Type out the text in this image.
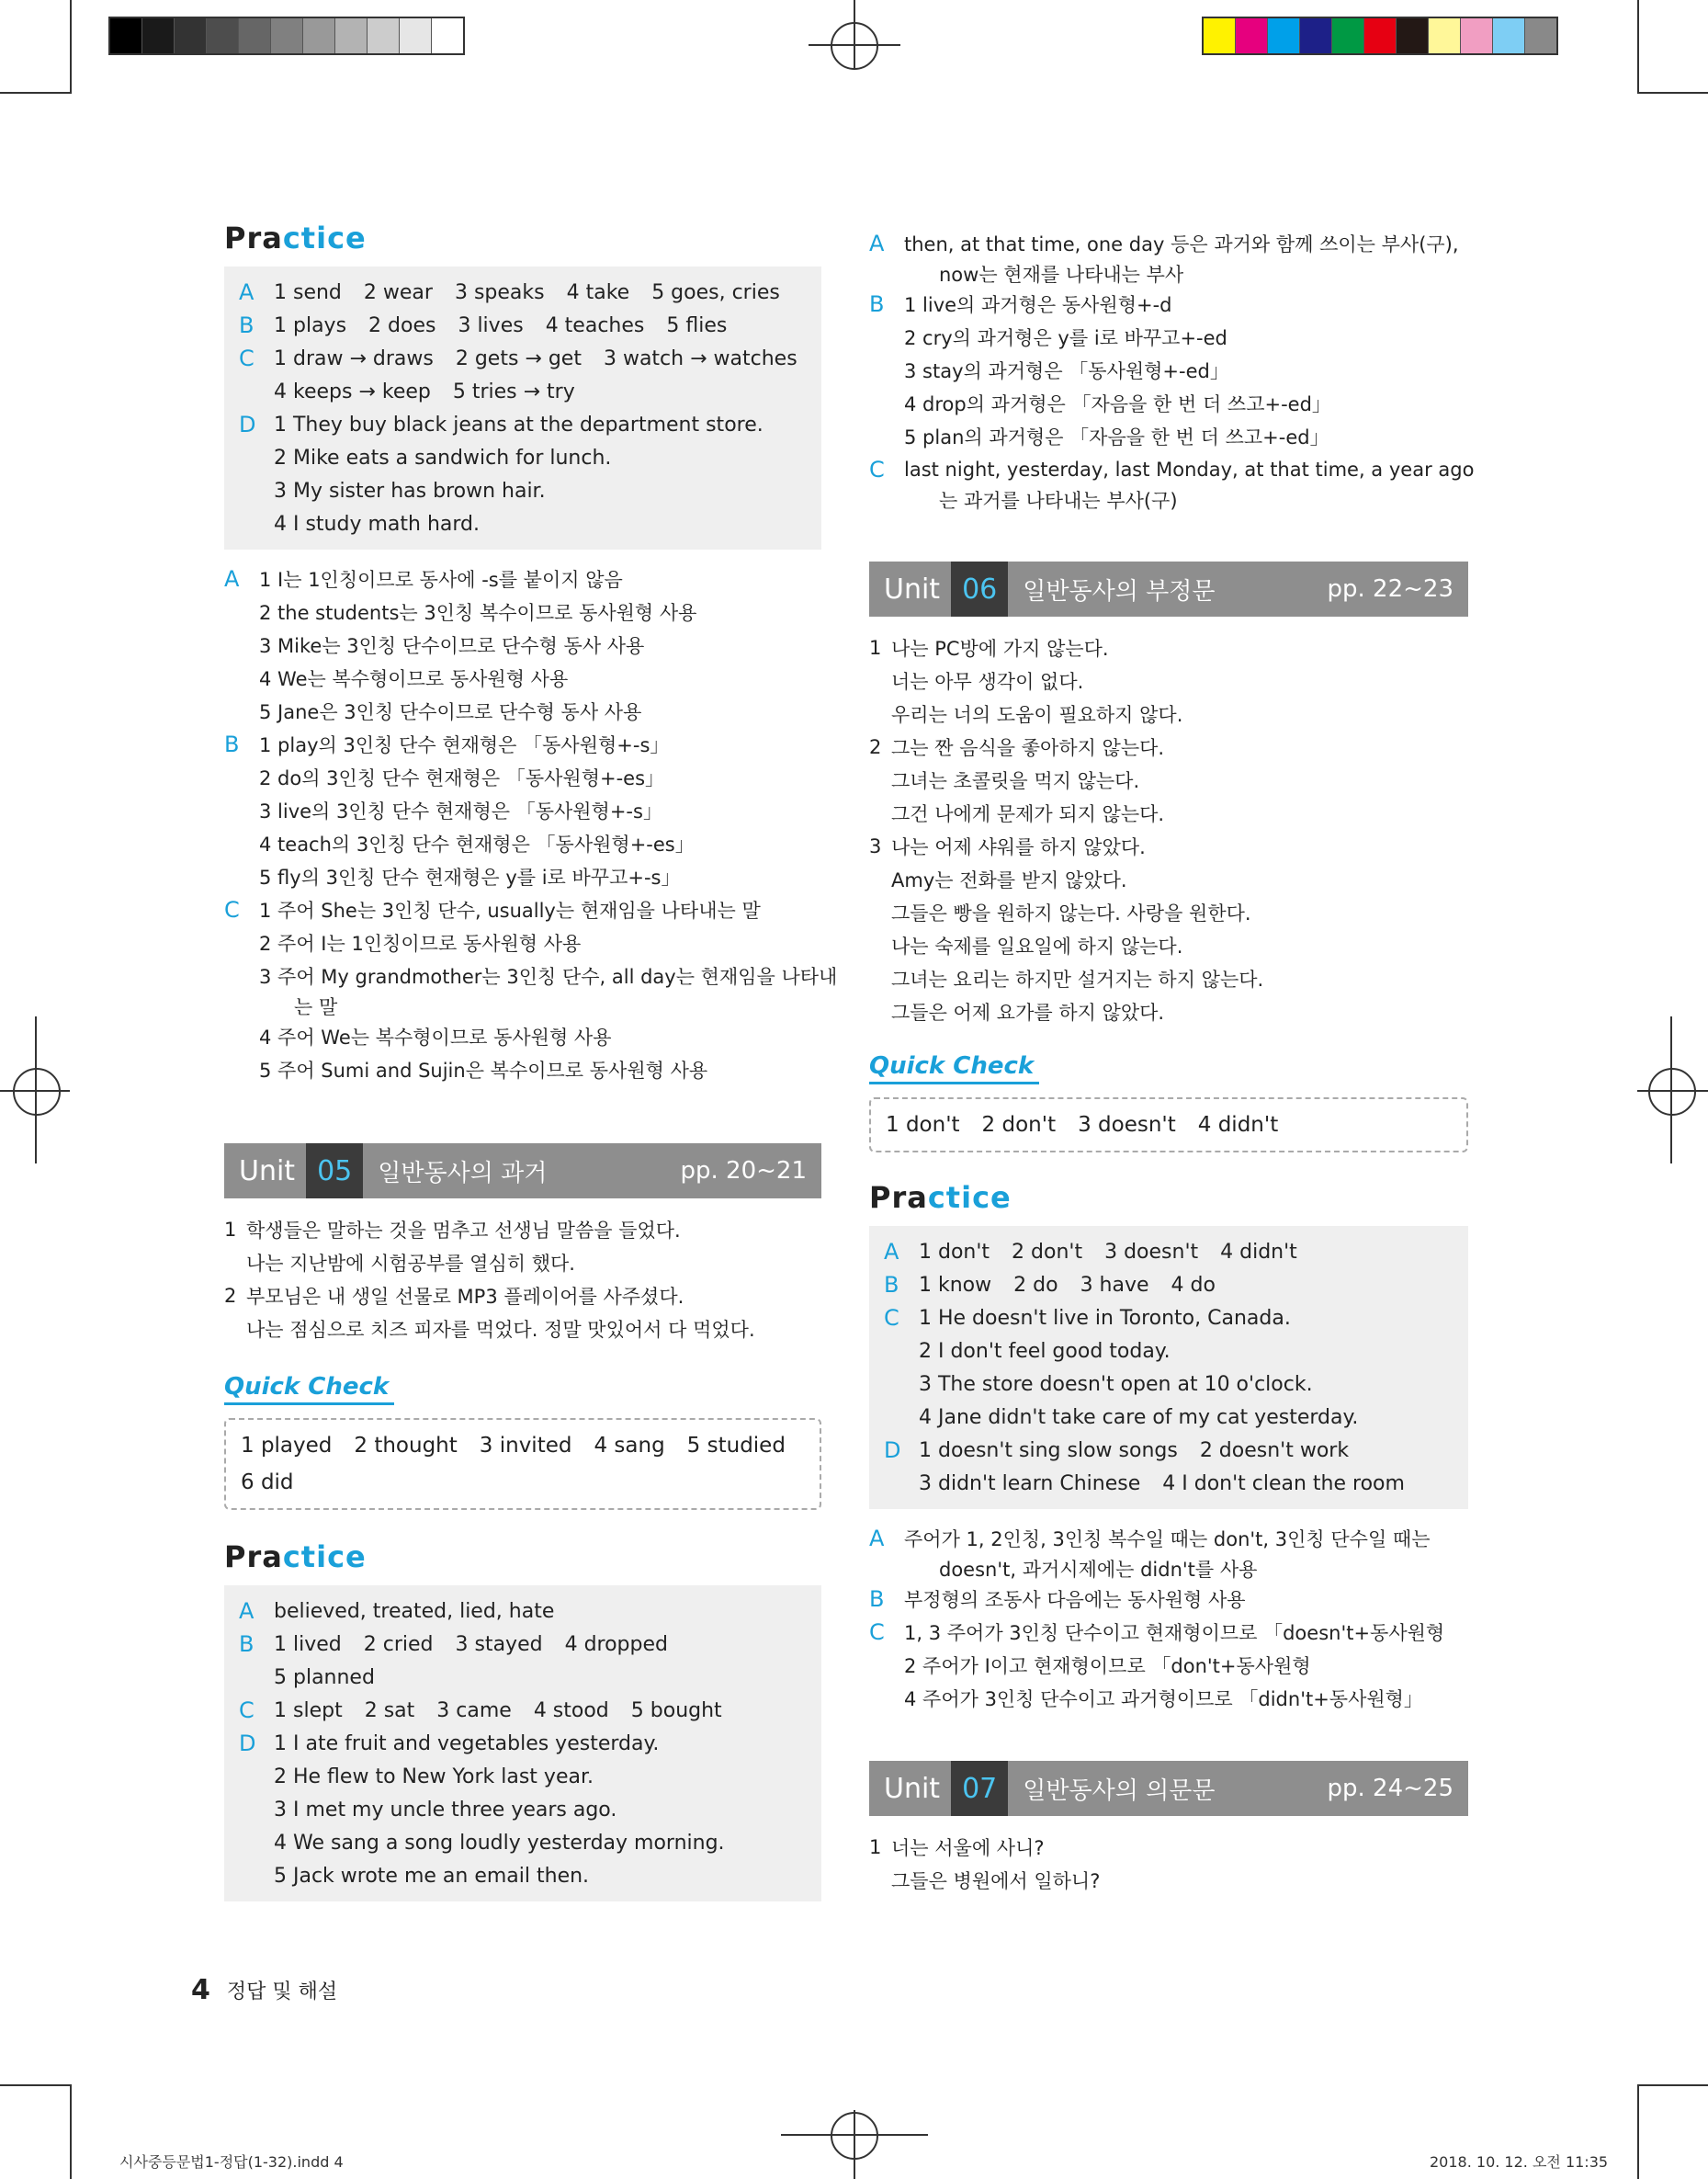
Practice
A 1 send 2 wear 3 speaks 4 take 5 goes, cries
B 1 plays 2 does 3 lives 4 teaches 5 flies
C 1 draw → draws 2 gets → get 3 watch → watches
4 keeps → keep 5 tries → try
D 1 They buy black jeans at the department store.
2 Mike eats a sandwich for lunch.
3 My sister has brown hair.
4 I study math hard.
A	1 I는 1인칭이므로 동사에 -s를 붙이지 않음
2 the students는 3인칭 복수이므로 동사원형 사용
3 Mike는 3인칭 단수이므로 단수형 동사 사용
4 We는 복수형이므로 동사원형 사용
5 Jane은 3인칭 단수이므로 단수형 동사 사용
B	1 play의 3인칭 단수 현재형은 「동사원형+-s」
2 do의 3인칭 단수 현재형은 「동사원형+-es」
3 live의 3인칭 단수 현재형은 「동사원형+-s」
4 teach의 3인칭 단수 현재형은 「동사원형+-es」
5 fly의 3인칭 단수 현재형은 y를 i로 바꾸고+-s」
C	1 주어 She는 3인칭 단수, usually는 현재임을 나타내는 말
2 주어 I는 1인칭이므로 동사원형 사용
3 주어 My grandmother는 3인칭 단수, all day는 현재임을 나타내
는 말
4 주어 We는 복수형이므로 동사원형 사용
5 주어 Sumi and Sujin은 복수이므로 동사원형 사용
Unit 05	일반동사의 과거	pp. 20~21
1 학생들은 말하는 것을 멈추고 선생님 말씀을 들었다.
나는 지난밤에 시험공부를 열심히 했다.
2 부모님은 내 생일 선물로 MP3 플레이어를 사주셨다.
나는 점심으로 치즈 피자를 먹었다. 정말 맛있어서 다 먹었다.
Quick Check
1 played 2 thought 3 invited 4 sang 5 studied
6 did
Practice
A believed, treated, lied, hate
B 1 lived 2 cried 3 stayed 4 dropped
5 planned
C 1 slept 2 sat 3 came 4 stood 5 bought
D 1 I ate fruit and vegetables yesterday.
2 He flew to New York last year.
3 I met my uncle three years ago.
4 We sang a song loudly yesterday morning.
5 Jack wrote me an email then.
4 정답 및 해설
A	then, at that time, one day 등은 과거와 함께 쓰이는 부사(구),
now는 현재를 나타내는 부사
B	1 live의 과거형은 동사원형+-d
2 cry의 과거형은 y를 i로 바꾸고+-ed
3 stay의 과거형은 「동사원형+-ed」
4 drop의 과거형은 「자음을 한 번 더 쓰고+-ed」
5 plan의 과거형은 「자음을 한 번 더 쓰고+-ed」
C	last night, yesterday, last Monday, at that time, a year ago
는 과거를 나타내는 부사(구)
Unit 06	일반동사의 부정문	pp. 22~23
1 나는 PC방에 가지 않는다.
너는 아무 생각이 없다.
우리는 너의 도움이 필요하지 않다.
2 그는 짠 음식을 좋아하지 않는다.
그녀는 초콜릿을 먹지 않는다.
그건 나에게 문제가 되지 않는다.
3 나는 어제 샤워를 하지 않았다.
Amy는 전화를 받지 않았다.
그들은 빵을 원하지 않는다. 사랑을 원한다.
나는 숙제를 일요일에 하지 않는다.
그녀는 요리는 하지만 설거지는 하지 않는다.
그들은 어제 요가를 하지 않았다.
Quick Check
1 don't 2 don't 3 doesn't 4 didn't
Practice
A 1 don't 2 don't 3 doesn't 4 didn't
B 1 know 2 do 3 have 4 do
C 1 He doesn't live in Toronto, Canada.
2 I don't feel good today.
3 The store doesn't open at 10 o'clock.
4 Jane didn't take care of my cat yesterday.
D 1 doesn't sing slow songs 2 doesn't work
3 didn't learn Chinese 4 I don't clean the room
A	주어가 1, 2인칭, 3인칭 복수일 때는 don't, 3인칭 단수일 때는
doesn't, 과거시제에는 didn't를 사용
B	부정형의 조동사 다음에는 동사원형 사용
C	1, 3 주어가 3인칭 단수이고 현재형이므로 「doesn't+동사원형
2 주어가 I이고 현재형이므로 「don't+동사원형
4 주어가 3인칭 단수이고 과거형이므로 「didn't+동사원형」
Unit 07	일반동사의 의문문	pp. 24~25
1 너는 서울에 사니?
그들은 병원에서 일하니?
시사중등문법1-정답(1-32).indd 4	2018. 10. 12. 오전 11:35
